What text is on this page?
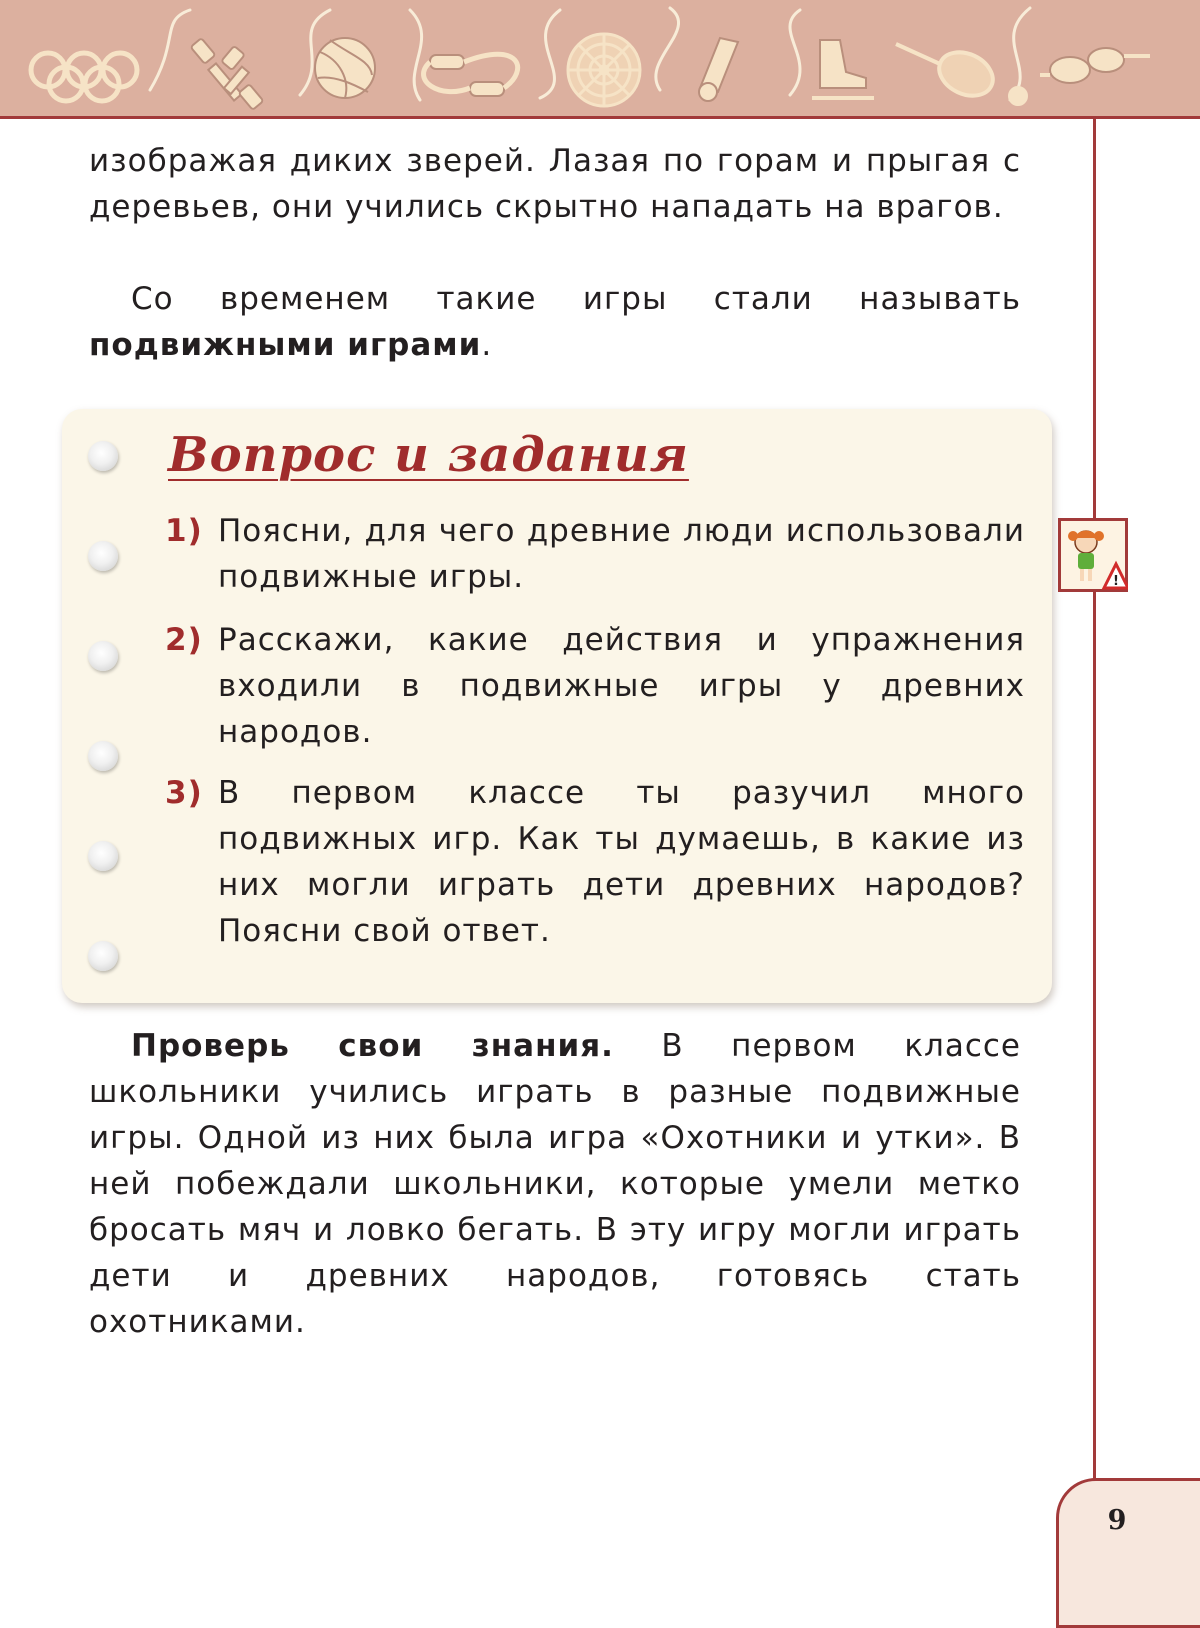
изображая диких зверей. Лазая по горам и прыгая с деревьев, они учились скрытно нападать на врагов.

Со временем такие игры стали называть подвижными играми.

Вопрос и задания
1) Поясни, для чего древние люди использовали подвижные игры.
2) Расскажи, какие действия и упражнения входили в подвижные игры у древних народов.
3) В первом классе ты разучил много подвижных игр. Как ты думаешь, в какие из них могли играть дети древних народов? Поясни свой ответ.
!

Проверь свои знания. В первом классе школьники учились играть в разные подвижные игры. Одной из них была игра «Охотники и утки». В ней побеждали школьники, которые умели метко бросать мяч и ловко бегать. В эту игру могли играть дети и древних народов, готовясь стать охотниками.

9
